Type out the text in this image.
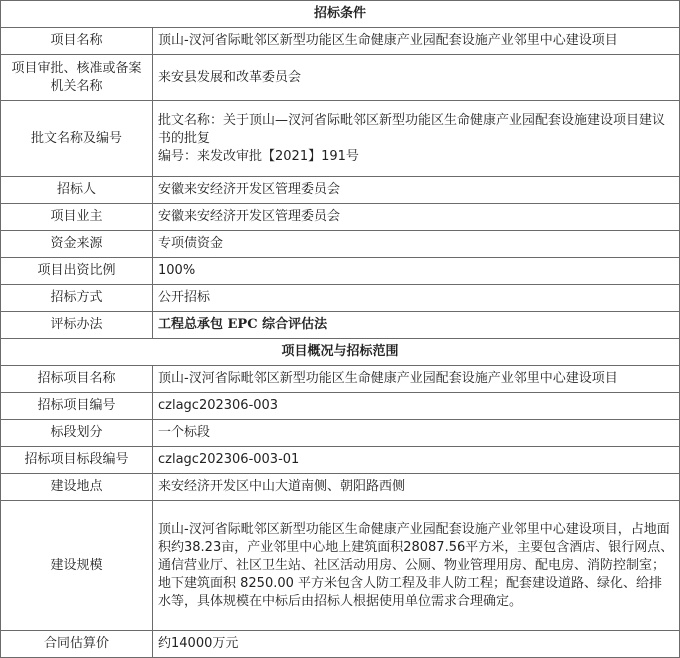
招标条件	
项目名称	顶山-汊河省际毗邻区新型功能区生命健康产业园配套设施产业邻里中心建设项目
项目审批、核准或备案机关名称	来安县发展和改革委员会
批文名称及编号	批文名称：关于顶山—汊河省际毗邻区新型功能区生命健康产业园配套设施建设项目建议书的批复
编号：来发改审批【2021】191号

招标人	安徽来安经济开发区管理委员会
项目业主	安徽来安经济开发区管理委员会
资金来源	专项债资金
项目出资比例	100%
招标方式	公开招标
评标办法	工程总承包 EPC 综合评估法
项目概况与招标范围	
招标项目名称	顶山-汊河省际毗邻区新型功能区生命健康产业园配套设施产业邻里中心建设项目
招标项目编号	czlagc202306-003
标段划分	一个标段
招标项目标段编号	czlagc202306-003-01
建设地点	来安经济开发区中山大道南侧、朝阳路西侧
建设规模	顶山-汊河省际毗邻区新型功能区生命健康产业园配套设施产业邻里中心建设项目，占地面积约38.23亩，产业邻里中心地上建筑面积28087.56平方米，主要包含酒店、银行网点、通信营业厅、社区卫生站、社区活动用房、公厕、物业管理用房、配电房、消防控制室；地下建筑面积 8250.00 平方米包含人防工程及非人防工程；配套建设道路、绿化、给排水等，具体规模在中标后由招标人根据使用单位需求合理确定。
合同估算价	约14000万元
